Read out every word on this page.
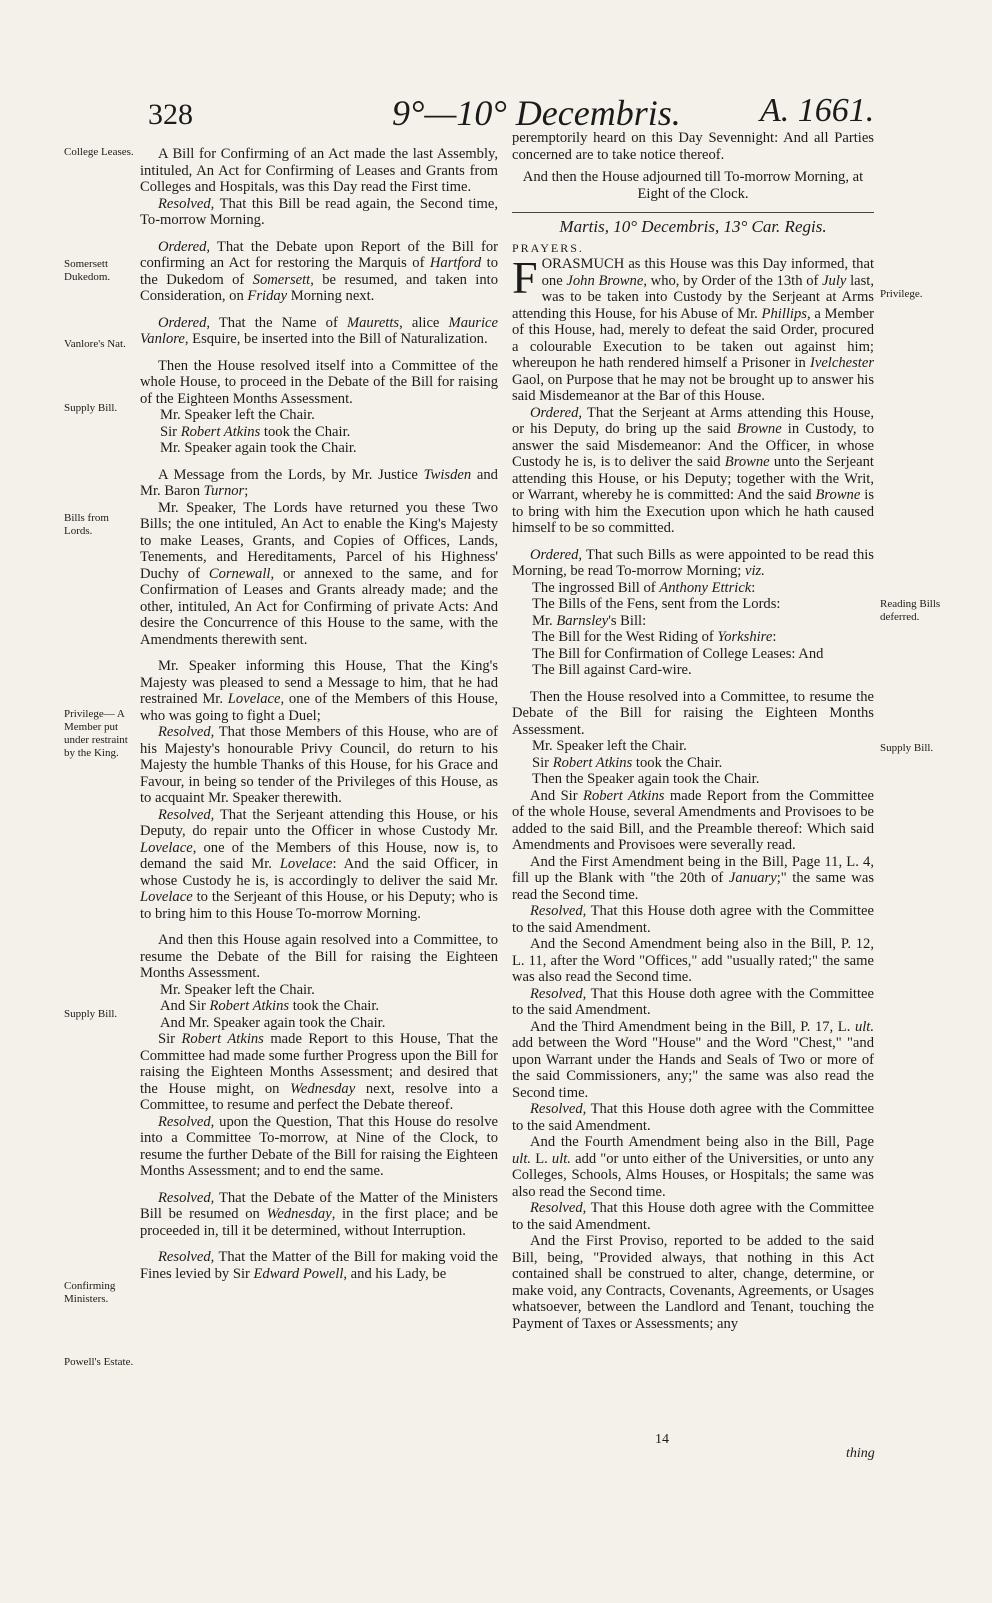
328	9°—10° Decembris. A. 1661.
College Leases.
Somersett Dukedom.
Vanlore's Nat.
Supply Bill.
Bills from Lords.
Privilege— A Member put under restraint by the King.
Supply Bill.
Confirming Ministers.
Powell's Estate.
Privilege.
Reading Bills deferred.
Supply Bill.

A Bill for Confirming of an Act made the last Assembly, intituled, An Act for Confirming of Leases and Grants from Colleges and Hospitals, was this Day read the First time.

Resolved, That this Bill be read again, the Second time, To-morrow Morning.

Ordered, That the Debate upon Report of the Bill for confirming an Act for restoring the Marquis of Hartford to the Dukedom of Somersett, be resumed, and taken into Consideration, on Friday Morning next.

Ordered, That the Name of Mauretts, alice Maurice Vanlore, Esquire, be inserted into the Bill of Naturalization.

Then the House resolved itself into a Committee of the whole House, to proceed in the Debate of the Bill for raising of the Eighteen Months Assessment.

Mr. Speaker left the Chair.

Sir Robert Atkins took the Chair.

Mr. Speaker again took the Chair.

A Message from the Lords, by Mr. Justice Twisden and Mr. Baron Turnor;

Mr. Speaker, The Lords have returned you these Two Bills; the one intituled, An Act to enable the King's Majesty to make Leases, Grants, and Copies of Offices, Lands, Tenements, and Hereditaments, Parcel of his Highness' Duchy of Cornewall, or annexed to the same, and for Confirmation of Leases and Grants already made; and the other, intituled, An Act for Confirming of private Acts: And desire the Concurrence of this House to the same, with the Amendments therewith sent.

Mr. Speaker informing this House, That the King's Majesty was pleased to send a Message to him, that he had restrained Mr. Lovelace, one of the Members of this House, who was going to fight a Duel;

Resolved, That those Members of this House, who are of his Majesty's honourable Privy Council, do return to his Majesty the humble Thanks of this House, for his Grace and Favour, in being so tender of the Privileges of this House, as to acquaint Mr. Speaker therewith.

Resolved, That the Serjeant attending this House, or his Deputy, do repair unto the Officer in whose Custody Mr. Lovelace, one of the Members of this House, now is, to demand the said Mr. Lovelace: And the said Officer, in whose Custody he is, is accordingly to deliver the said Mr. Lovelace to the Serjeant of this House, or his Deputy; who is to bring him to this House To-morrow Morning.

And then this House again resolved into a Committee, to resume the Debate of the Bill for raising the Eighteen Months Assessment.

Mr. Speaker left the Chair.

And Sir Robert Atkins took the Chair.

And Mr. Speaker again took the Chair.

Sir Robert Atkins made Report to this House, That the Committee had made some further Progress upon the Bill for raising the Eighteen Months Assessment; and desired that the House might, on Wednesday next, resolve into a Committee, to resume and perfect the Debate thereof.

Resolved, upon the Question, That this House do resolve into a Committee To-morrow, at Nine of the Clock, to resume the further Debate of the Bill for raising the Eighteen Months Assessment; and to end the same.

Resolved, That the Debate of the Matter of the Ministers Bill be resumed on Wednesday, in the first place; and be proceeded in, till it be determined, without Interruption.

Resolved, That the Matter of the Bill for making void the Fines levied by Sir Edward Powell, and his Lady, be

peremptorily heard on this Day Sevennight: And all Parties concerned are to take notice thereof.

And then the House adjourned till To-morrow Morning, at Eight of the Clock.

Martis, 10° Decembris, 13° Car. Regis.

PRAYERS.

FORASMUCH as this House was this Day informed, that one John Browne, who, by Order of the 13th of July last, was to be taken into Custody by the Serjeant at Arms attending this House, for his Abuse of Mr. Phillips, a Member of this House, had, merely to defeat the said Order, procured a colourable Execution to be taken out against him; whereupon he hath rendered himself a Prisoner in Ivelchester Gaol, on Purpose that he may not be brought up to answer his said Misdemeanor at the Bar of this House.

Ordered, That the Serjeant at Arms attending this House, or his Deputy, do bring up the said Browne in Custody, to answer the said Misdemeanor: And the Officer, in whose Custody he is, is to deliver the said Browne unto the Serjeant attending this House, or his Deputy; together with the Writ, or Warrant, whereby he is committed: And the said Browne is to bring with him the Execution upon which he hath caused himself to be so committed.

Ordered, That such Bills as were appointed to be read this Morning, be read To-morrow Morning; viz.

The ingrossed Bill of Anthony Ettrick:

The Bills of the Fens, sent from the Lords:

Mr. Barnsley's Bill:

The Bill for the West Riding of Yorkshire:

The Bill for Confirmation of College Leases: And

The Bill against Card-wire.

Then the House resolved into a Committee, to resume the Debate of the Bill for raising the Eighteen Months Assessment.

Mr. Speaker left the Chair.

Sir Robert Atkins took the Chair.

Then the Speaker again took the Chair.

And Sir Robert Atkins made Report from the Committee of the whole House, several Amendments and Provisoes to be added to the said Bill, and the Preamble thereof: Which said Amendments and Provisoes were severally read.

And the First Amendment being in the Bill, Page 11, L. 4, fill up the Blank with "the 20th of January;" the same was read the Second time.

Resolved, That this House doth agree with the Committee to the said Amendment.

And the Second Amendment being also in the Bill, P. 12, L. 11, after the Word "Offices," add "usually rated;" the same was also read the Second time.

Resolved, That this House doth agree with the Committee to the said Amendment.

And the Third Amendment being in the Bill, P. 17, L. ult. add between the Word "House" and the Word "Chest," "and upon Warrant under the Hands and Seals of Two or more of the said Commissioners, any;" the same was also read the Second time.

Resolved, That this House doth agree with the Committee to the said Amendment.

And the Fourth Amendment being also in the Bill, Page ult. L. ult. add "or unto either of the Universities, or unto any Colleges, Schools, Alms Houses, or Hospitals; the same was also read the Second time.

Resolved, That this House doth agree with the Committee to the said Amendment.

And the First Proviso, reported to be added to the said Bill, being, "Provided always, that nothing in this Act contained shall be construed to alter, change, determine, or make void, any Contracts, Covenants, Agreements, or Usages whatsoever, between the Landlord and Tenant, touching the Payment of Taxes or Assessments; any

14
thing
